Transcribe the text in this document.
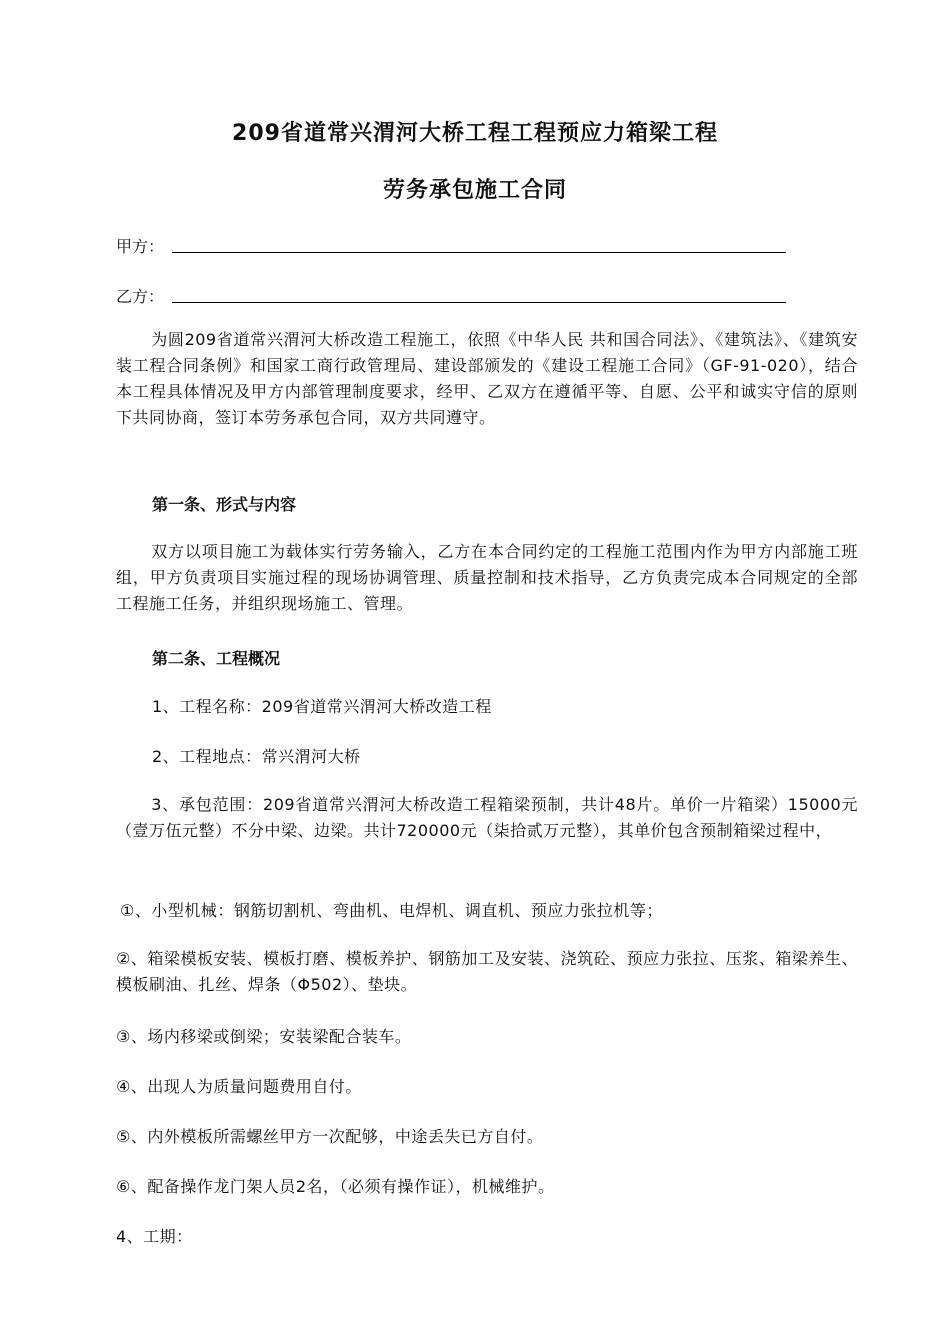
209省道常兴渭河大桥工程工程预应力箱梁工程
劳务承包施工合同
甲方：
乙方：
为圆209省道常兴渭河大桥改造工程施工，依照《中华人民 共和国合同法》、《建筑法》、《建筑安装工程合同条例》和国家工商行政管理局、建设部颁发的《建设工程施工合同》（GF-91-020），结合本工程具体情况及甲方内部管理制度要求，经甲、乙双方在遵循平等、自愿、公平和诚实守信的原则下共同协商，签订本劳务承包合同，双方共同遵守。
第一条、形式与内容
双方以项目施工为载体实行劳务输入，乙方在本合同约定的工程施工范围内作为甲方内部施工班组，甲方负责项目实施过程的现场协调管理、质量控制和技术指导，乙方负责完成本合同规定的全部工程施工任务，并组织现场施工、管理。
第二条、工程概况
1、工程名称：209省道常兴渭河大桥改造工程
2、工程地点：常兴渭河大桥
3、承包范围：209省道常兴渭河大桥改造工程箱梁预制，共计48片。单价一片箱梁）15000元（壹万伍元整）不分中梁、边梁。共计720000元（柒拾贰万元整），其单价包含预制箱梁过程中，
①、小型机械：钢筋切割机、弯曲机、电焊机、调直机、预应力张拉机等；
②、箱梁模板安装、模板打磨、模板养护、钢筋加工及安装、浇筑砼、预应力张拉、压浆、箱梁养生、模板刷油、扎丝、焊条（Φ502）、垫块。
③、场内移梁或倒梁；安装梁配合装车。
④、出现人为质量问题费用自付。
⑤、内外模板所需螺丝甲方一次配够，中途丢失已方自付。
⑥、配备操作龙门架人员2名，（必须有操作证），机械维护。
4、工期：
